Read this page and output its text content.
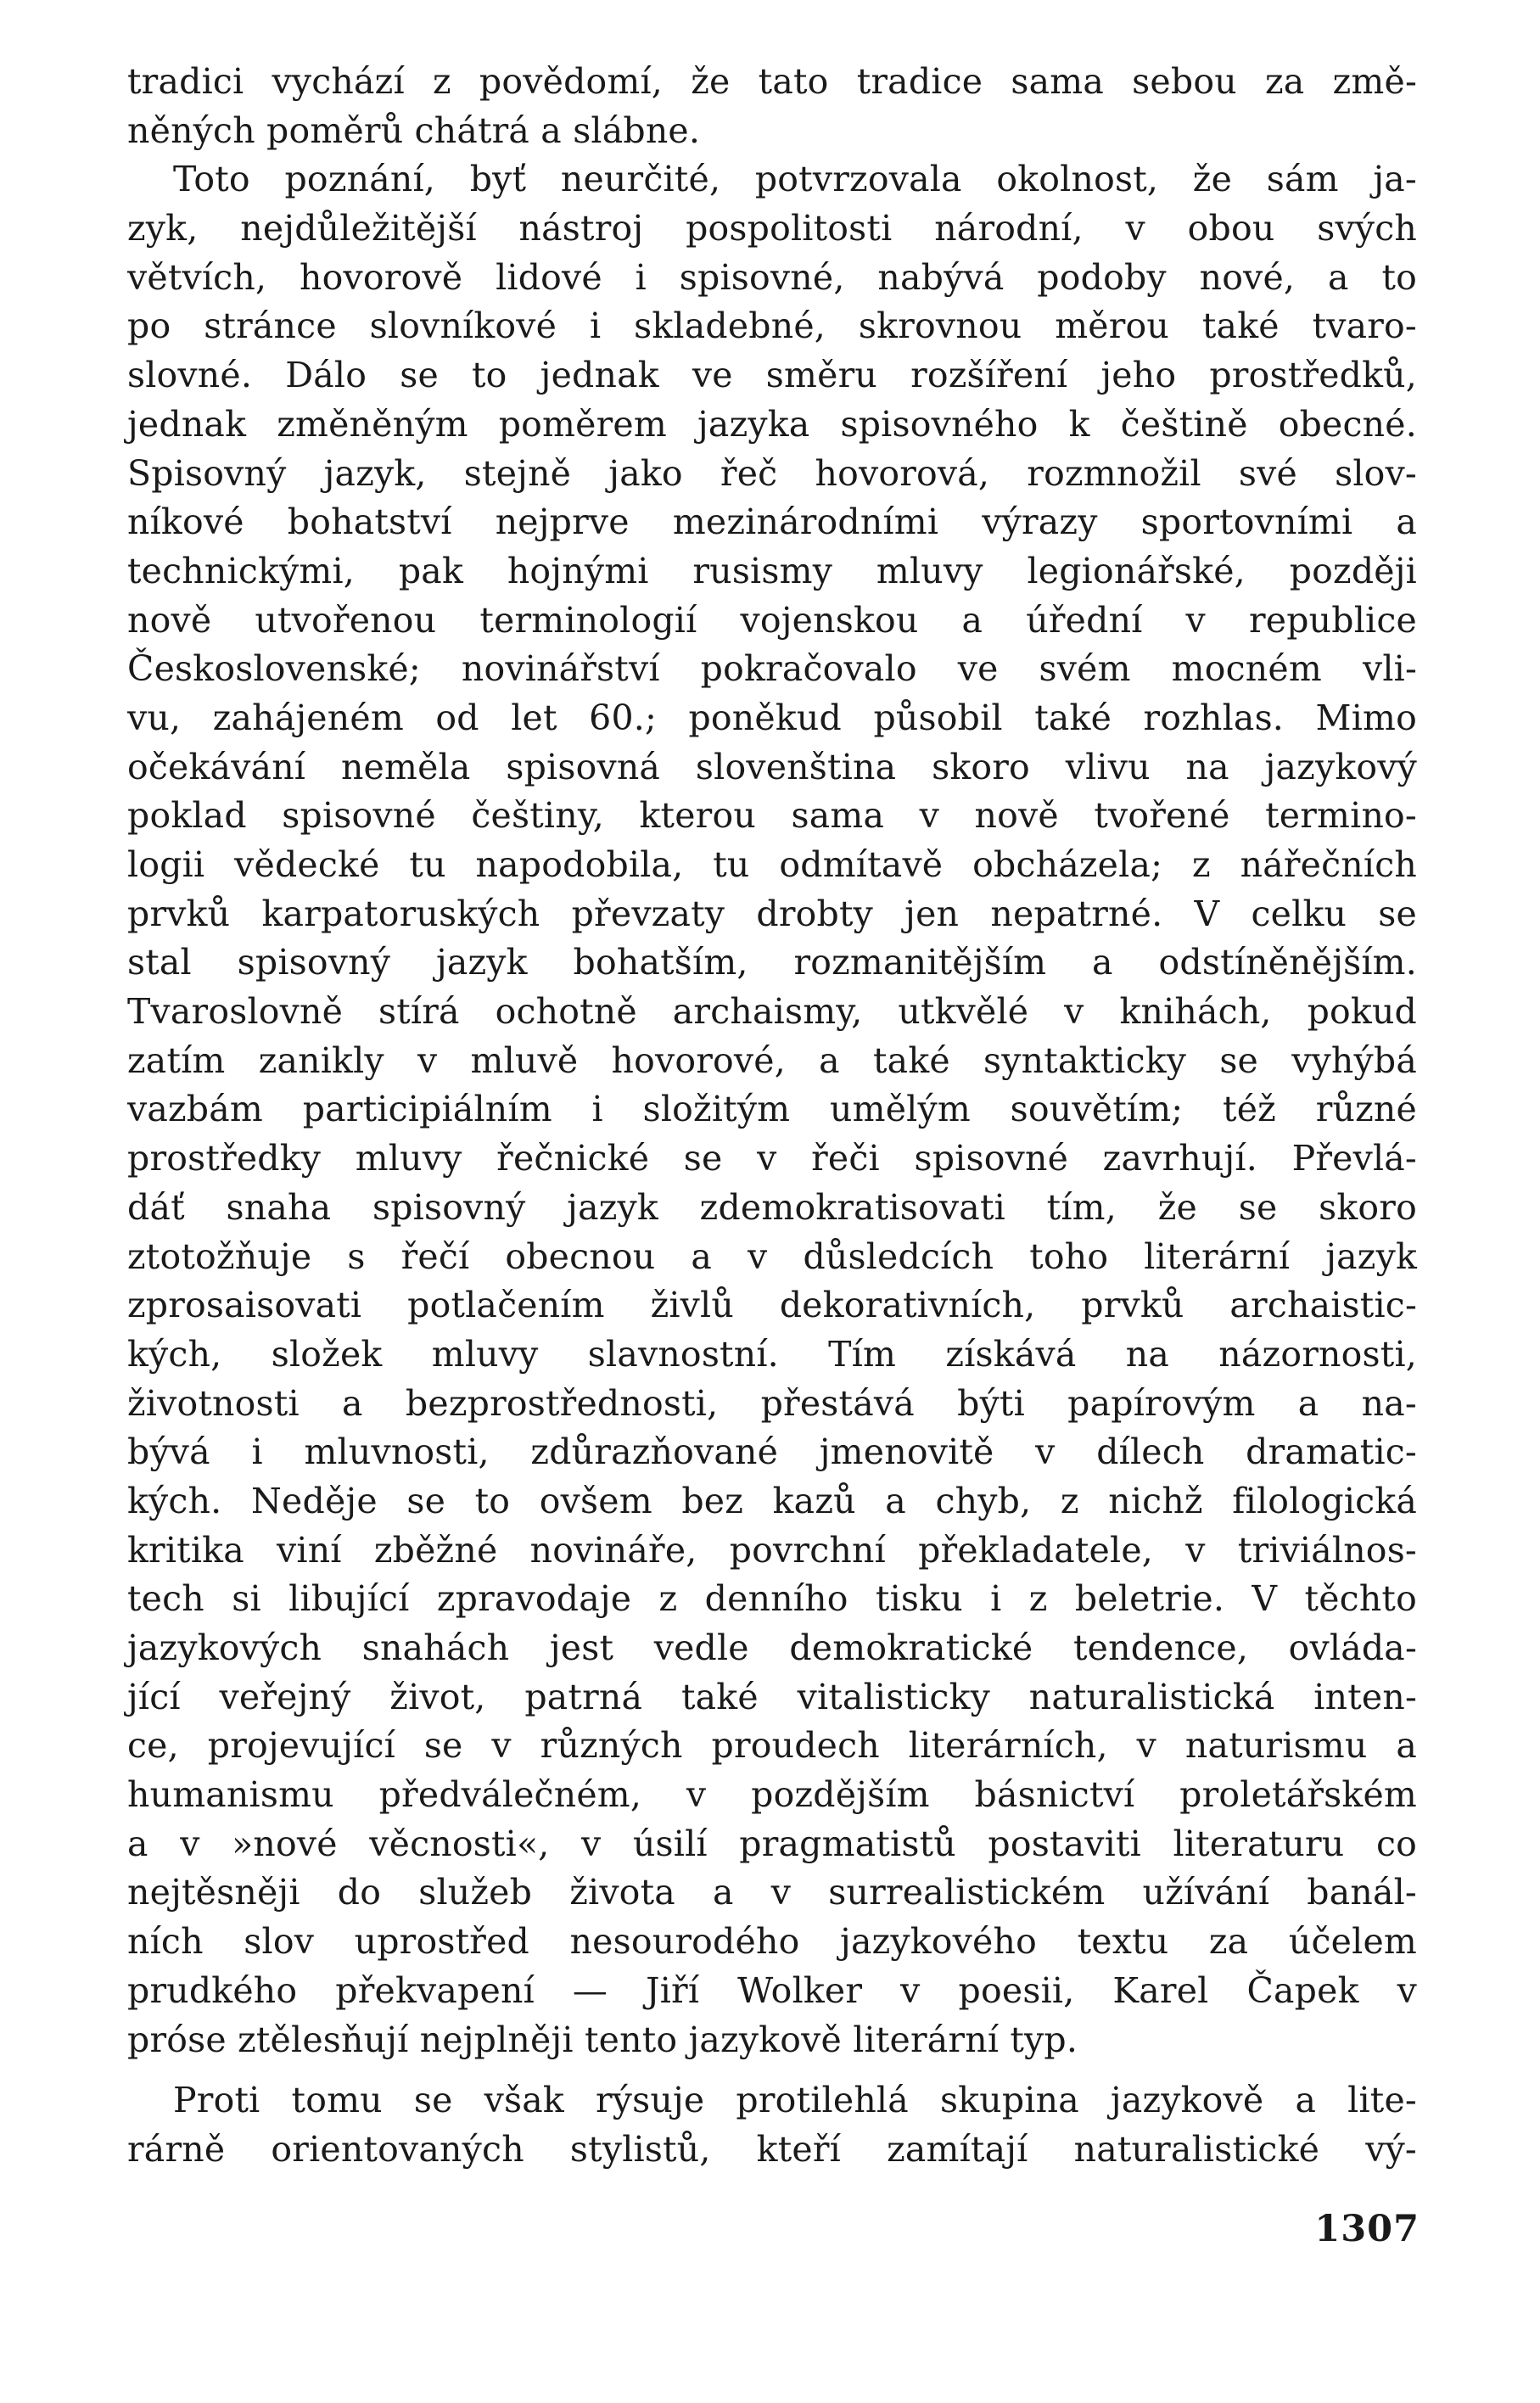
tradici vychází z povědomí, že tato tradice sama sebou za změ-
něných poměrů chátrá a slábne.
Toto poznání, byť neurčité, potvrzovala okolnost, že sám ja-
zyk, nejdůležitější nástroj pospolitosti národní, v obou svých
větvích, hovorově lidové i spisovné, nabývá podoby nové, a to
po stránce slovníkové i skladebné, skrovnou měrou také tvaro-
slovné. Dálo se to jednak ve směru rozšíření jeho prostředků,
jednak změněným poměrem jazyka spisovného k češtině obecné.
Spisovný jazyk, stejně jako řeč hovorová, rozmnožil své slov-
níkové bohatství nejprve mezinárodními výrazy sportovními a
technickými, pak hojnými rusismy mluvy legionářské, později
nově utvořenou terminologií vojenskou a úřední v republice
Československé; novinářství pokračovalo ve svém mocném vli-
vu, zahájeném od let 60.; poněkud působil také rozhlas. Mimo
očekávání neměla spisovná slovenština skoro vlivu na jazykový
poklad spisovné češtiny, kterou sama v nově tvořené termino-
logii vědecké tu napodobila, tu odmítavě obcházela; z nářečních
prvků karpatoruských převzaty drobty jen nepatrné. V celku se
stal spisovný jazyk bohatším, rozmanitějším a odstíněnějším.
Tvaroslovně stírá ochotně archaismy, utkvělé v knihách, pokud
zatím zanikly v mluvě hovorové, a také syntakticky se vyhýbá
vazbám participiálním i složitým umělým souvětím; též různé
prostředky mluvy řečnické se v řeči spisovné zavrhují. Převlá-
dáť snaha spisovný jazyk zdemokratisovati tím, že se skoro
ztotožňuje s řečí obecnou a v důsledcích toho literární jazyk
zprosaisovati potlačením živlů dekorativních, prvků archaistic-
kých, složek mluvy slavnostní. Tím získává na názornosti,
životnosti a bezprostřednosti, přestává býti papírovým a na-
bývá i mluvnosti, zdůrazňované jmenovitě v dílech dramatic-
kých. Neděje se to ovšem bez kazů a chyb, z nichž filologická
kritika viní zběžné novináře, povrchní překladatele, v triviálnos-
tech si libující zpravodaje z denního tisku i z beletrie. V těchto
jazykových snahách jest vedle demokratické tendence, ovláda-
jící veřejný život, patrná také vitalisticky naturalistická inten-
ce, projevující se v různých proudech literárních, v naturismu a
humanismu předválečném, v pozdějším básnictví proletářském
a v »nové věcnosti«, v úsilí pragmatistů postaviti literaturu co
nejtěsněji do služeb života a v surrealistickém užívání banál-
ních slov uprostřed nesourodého jazykového textu za účelem
prudkého překvapení — Jiří Wolker v poesii, Karel Čapek v
próse ztělesňují nejplněji tento jazykově literární typ.
Proti tomu se však rýsuje protilehlá skupina jazykově a lite-
rárně orientovaných stylistů, kteří zamítají naturalistické vý-
1307
